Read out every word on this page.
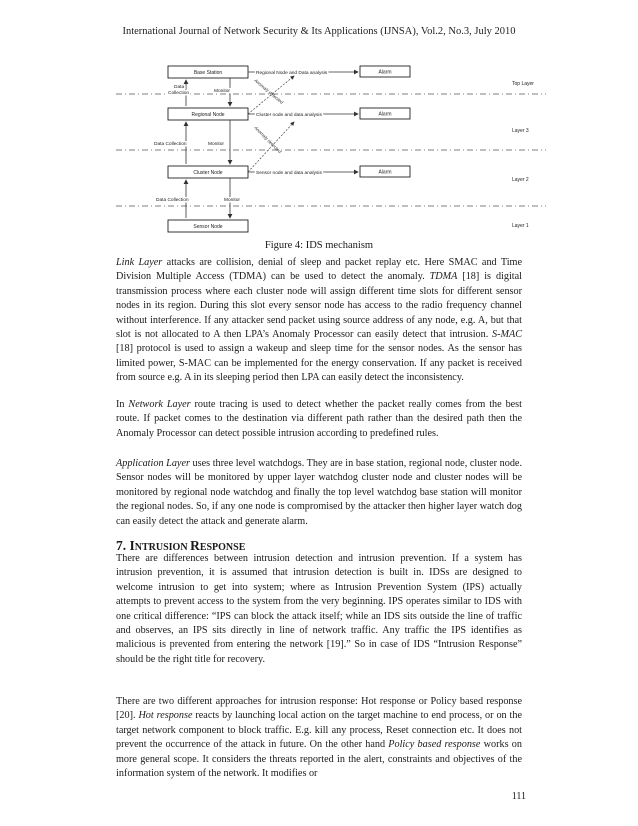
International Journal of Network Security & Its Applications (IJNSA), Vol.2, No.3, July 2010
Base Station
Regional Node
Cluster Node
Sensor Node
Alarm
Alarm
Alarm
Regional Node and Data analysis
Cluster node and data analysis
Sensor node and data analysis
Anomaly detected
Anomaly detected
Data
Collection	Monitor
Data Collection	Monitor
Data Collection	Monitor
Top Layer
Layer 3
Layer 2
Layer 1
Figure 4: IDS mechanism

Link Layer attacks are collision, denial of sleep and packet replay etc. Here SMAC and Time Division Multiple Access (TDMA) can be used to detect the anomaly. TDMA [18] is digital transmission process where each cluster node will assign different time slots for different sensor nodes in its region. During this slot every sensor node has access to the radio frequency channel without interference. If any attacker send packet using source address of any node, e.g. A, but that slot is not allocated to A then LPA’s Anomaly Processor can easily detect that intrusion. S-MAC [18] protocol is used to assign a wakeup and sleep time for the sensor nodes. As the sensor has limited power, S-MAC can be implemented for the energy conservation. If any packet is received from source e.g. A in its sleeping period then LPA can easily detect the inconsistency.

In Network Layer route tracing is used to detect whether the packet really comes from the best route. If packet comes to the destination via different path rather than the desired path then the Anomaly Processor can detect possible intrusion according to predefined rules.

Application Layer uses three level watchdogs. They are in base station, regional node, cluster node. Sensor nodes will be monitored by upper layer watchdog cluster node and cluster nodes will be monitored by regional node watchdog and finally the top level watchdog base station will monitor the regional nodes. So, if any one node is compromised by the attacker then higher layer watch dog can easily detect the attack and generate alarm.

7. INTRUSION RESPONSE

There are differences between intrusion detection and intrusion prevention. If a system has intrusion prevention, it is assumed that intrusion detection is built in. IDSs are designed to welcome intrusion to get into system; where as Intrusion Prevention System (IPS) actually attempts to prevent access to the system from the very beginning. IPS operates similar to IDS with one critical difference: “IPS can block the attack itself; while an IDS sits outside the line of traffic and observes, an IPS sits directly in line of network traffic. Any traffic the IPS identifies as malicious is prevented from entering the network [19].” So in case of IDS “Intrusion Response” should be the right title for recovery.

There are two different approaches for intrusion response: Hot response or Policy based response [20]. Hot response reacts by launching local action on the target machine to end process, or on the target network component to block traffic. E.g. kill any process, Reset connection etc. It does not prevent the occurrence of the attack in future. On the other hand Policy based response works on more general scope. It considers the threats reported in the alert, constraints and objectives of the information system of the network. It modifies or

111
